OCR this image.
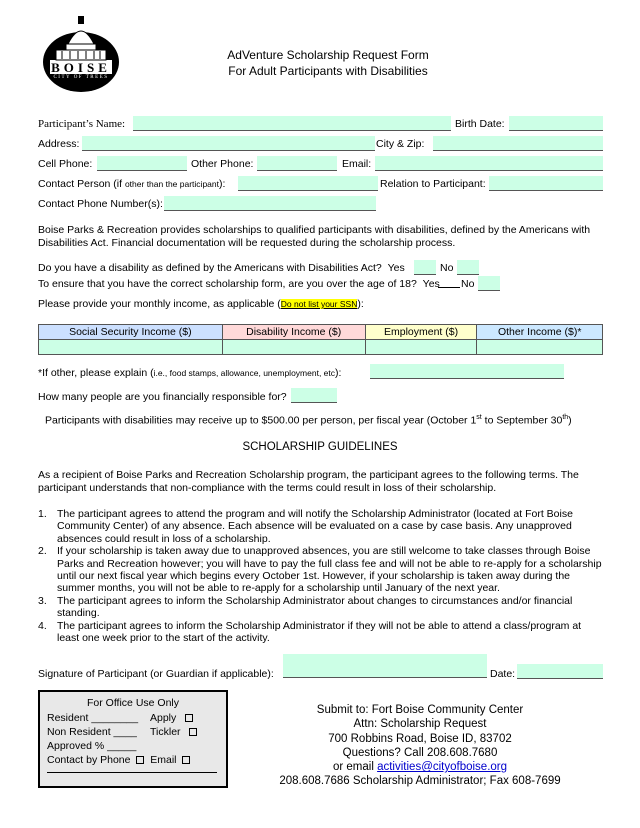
BOISE
CITY OF TREES
AdVenture Scholarship Request Form
For Adult Participants with Disabilities
Participant’s Name:	Birth Date:
Address:	City & Zip:
Cell Phone:	Other Phone:	Email:
Contact Person (if other than the participant):	Relation to Participant:
Contact Phone Number(s):
Boise Parks & Recreation provides scholarships to qualified participants with disabilities, defined by the Americans with Disabilities Act. Financial documentation will be requested during the scholarship process.
Do you have a disability as defined by the Americans with Disabilities Act? Yes	No
To ensure that you have the correct scholarship form, are you over the age of 18? Yes No
Please provide your monthly income, as applicable (Do not list your SSN):
Social Security Income ($)	Disability Income ($)	Employment ($)	Other Income ($)*

*If other, please explain (i.e., food stamps, allowance, unemployment, etc):
How many people are you financially responsible for?
Participants with disabilities may receive up to $500.00 per person, per fiscal year (October 1st to September 30th)
SCHOLARSHIP GUIDELINES
As a recipient of Boise Parks and Recreation Scholarship program, the participant agrees to the following terms. The participant understands that non-compliance with the terms could result in loss of their scholarship.
1. The participant agrees to attend the program and will notify the Scholarship Administrator (located at Fort Boise Community Center) of any absence. Each absence will be evaluated on a case by case basis. Any unapproved absences could result in loss of a scholarship.
2. If your scholarship is taken away due to unapproved absences, you are still welcome to take classes through Boise Parks and Recreation however; you will have to pay the full class fee and will not be able to re-apply for a scholarship until our next fiscal year which begins every October 1st. However, if your scholarship is taken away during the summer months, you will not be able to re-apply for a scholarship until January of the next year.
3. The participant agrees to inform the Scholarship Administrator about changes to circumstances and/or financial standing.
4. The participant agrees to inform the Scholarship Administrator if they will not be able to attend a class/program at least one week prior to the start of the activity.
Signature of Participant (or Guardian if applicable):	Date:
For Office Use Only
Resident ________ Apply
Non Resident ____ Tickler
Approved % _____
Contact by Phone Email
Submit to: Fort Boise Community Center
Attn: Scholarship Request
700 Robbins Road, Boise ID, 83702
Questions? Call 208.608.7680
or email activities@cityofboise.org
208.608.7686 Scholarship Administrator; Fax 608-7699
